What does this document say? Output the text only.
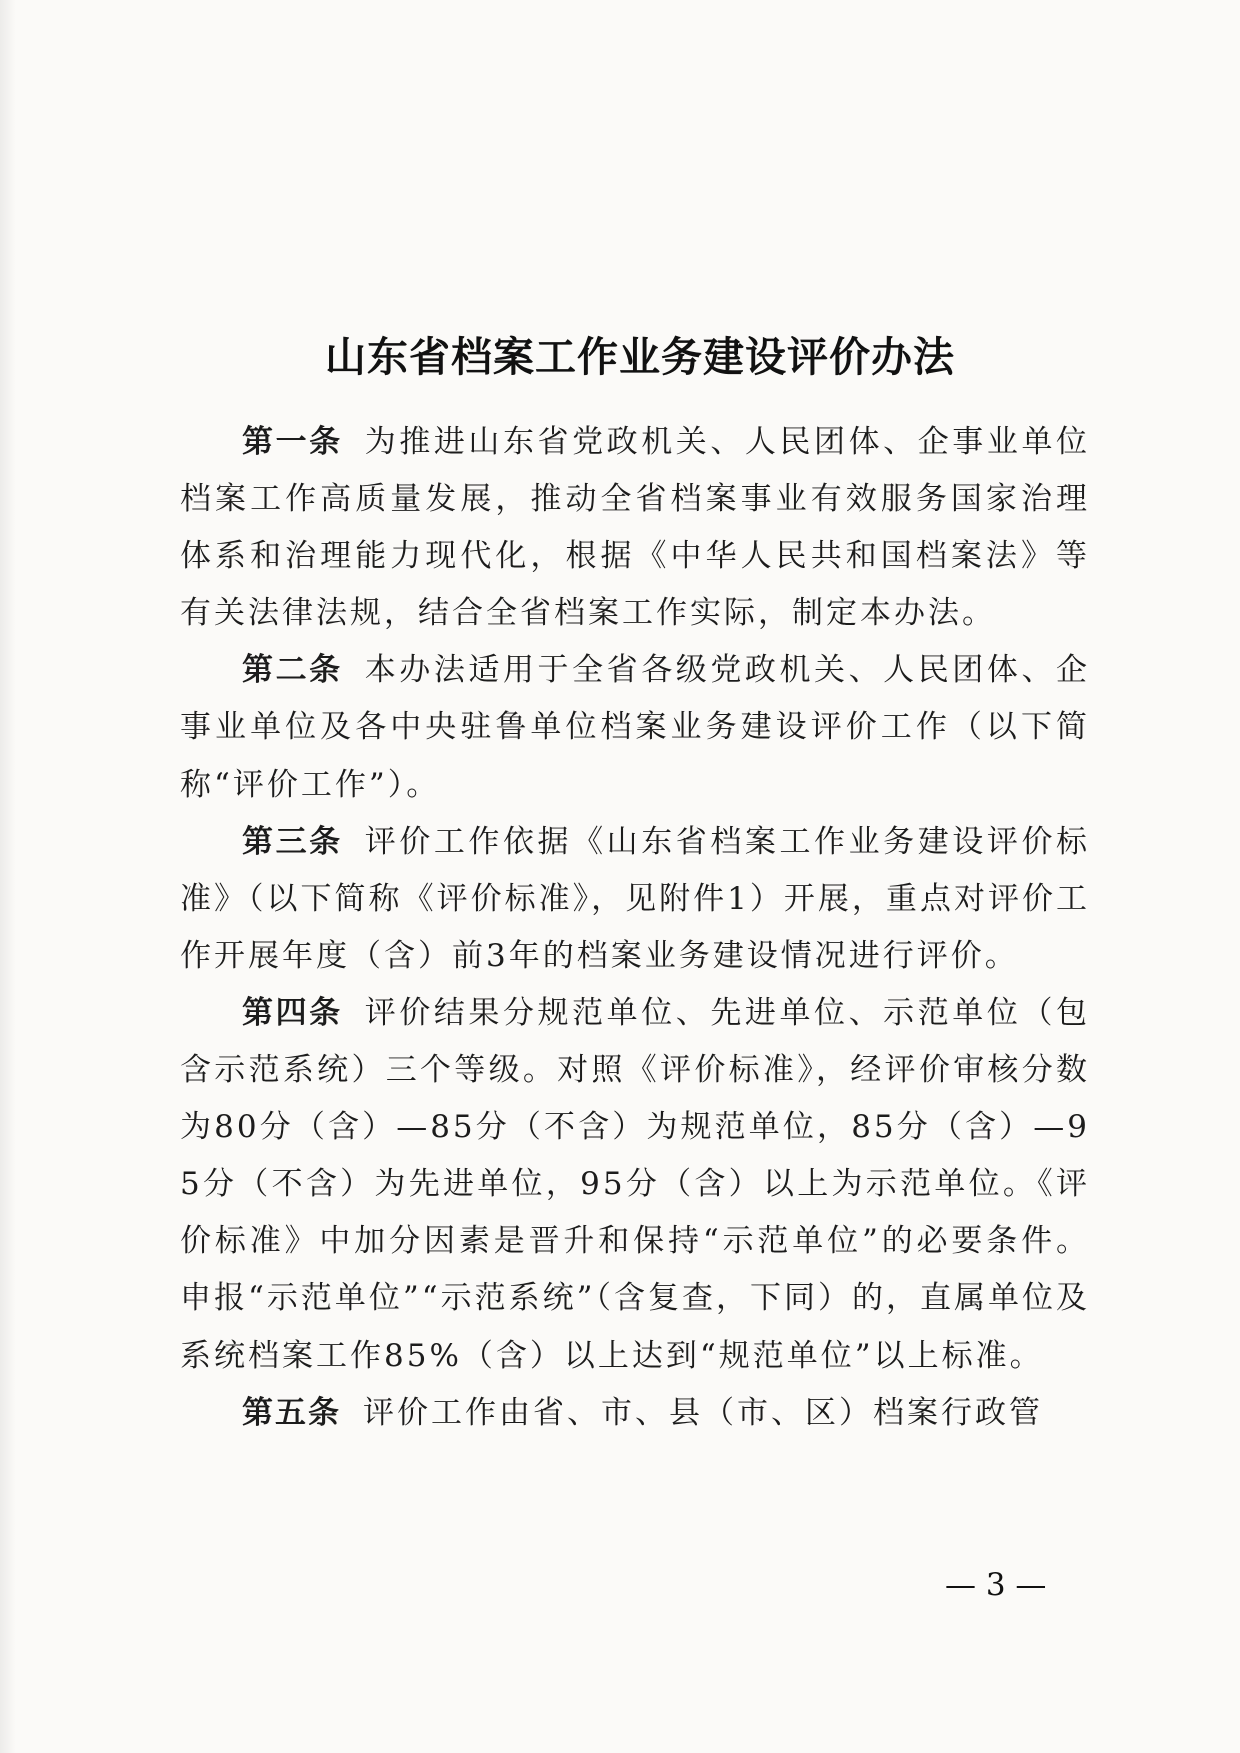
山东省档案工作业务建设评价办法

第一条 为推进山东省党政机关、人民团体、企事业单位档案工作高质量发展，推动全省档案事业有效服务国家治理体系和治理能力现代化，根据《中华人民共和国档案法》等有关法律法规，结合全省档案工作实际，制定本办法。

第二条 本办法适用于全省各级党政机关、人民团体、企事业单位及各中央驻鲁单位档案业务建设评价工作（以下简称“评价工作”）。

第三条 评价工作依据《山东省档案工作业务建设评价标准》（以下简称《评价标准》，见附件1）开展，重点对评价工作开展年度（含）前3年的档案业务建设情况进行评价。

第四条 评价结果分规范单位、先进单位、示范单位（包含示范系统）三个等级。对照《评价标准》，经评价审核分数为80分（含）—85分（不含）为规范单位，85分（含）—95分（不含）为先进单位，95分（含）以上为示范单位。《评价标准》中加分因素是晋升和保持“示范单位”的必要条件。申报“示范单位”“示范系统”（含复查，下同）的，直属单位及系统档案工作85%（含）以上达到“规范单位”以上标准。

第五条 评价工作由省、市、县（市、区）档案行政管

— 3 —
